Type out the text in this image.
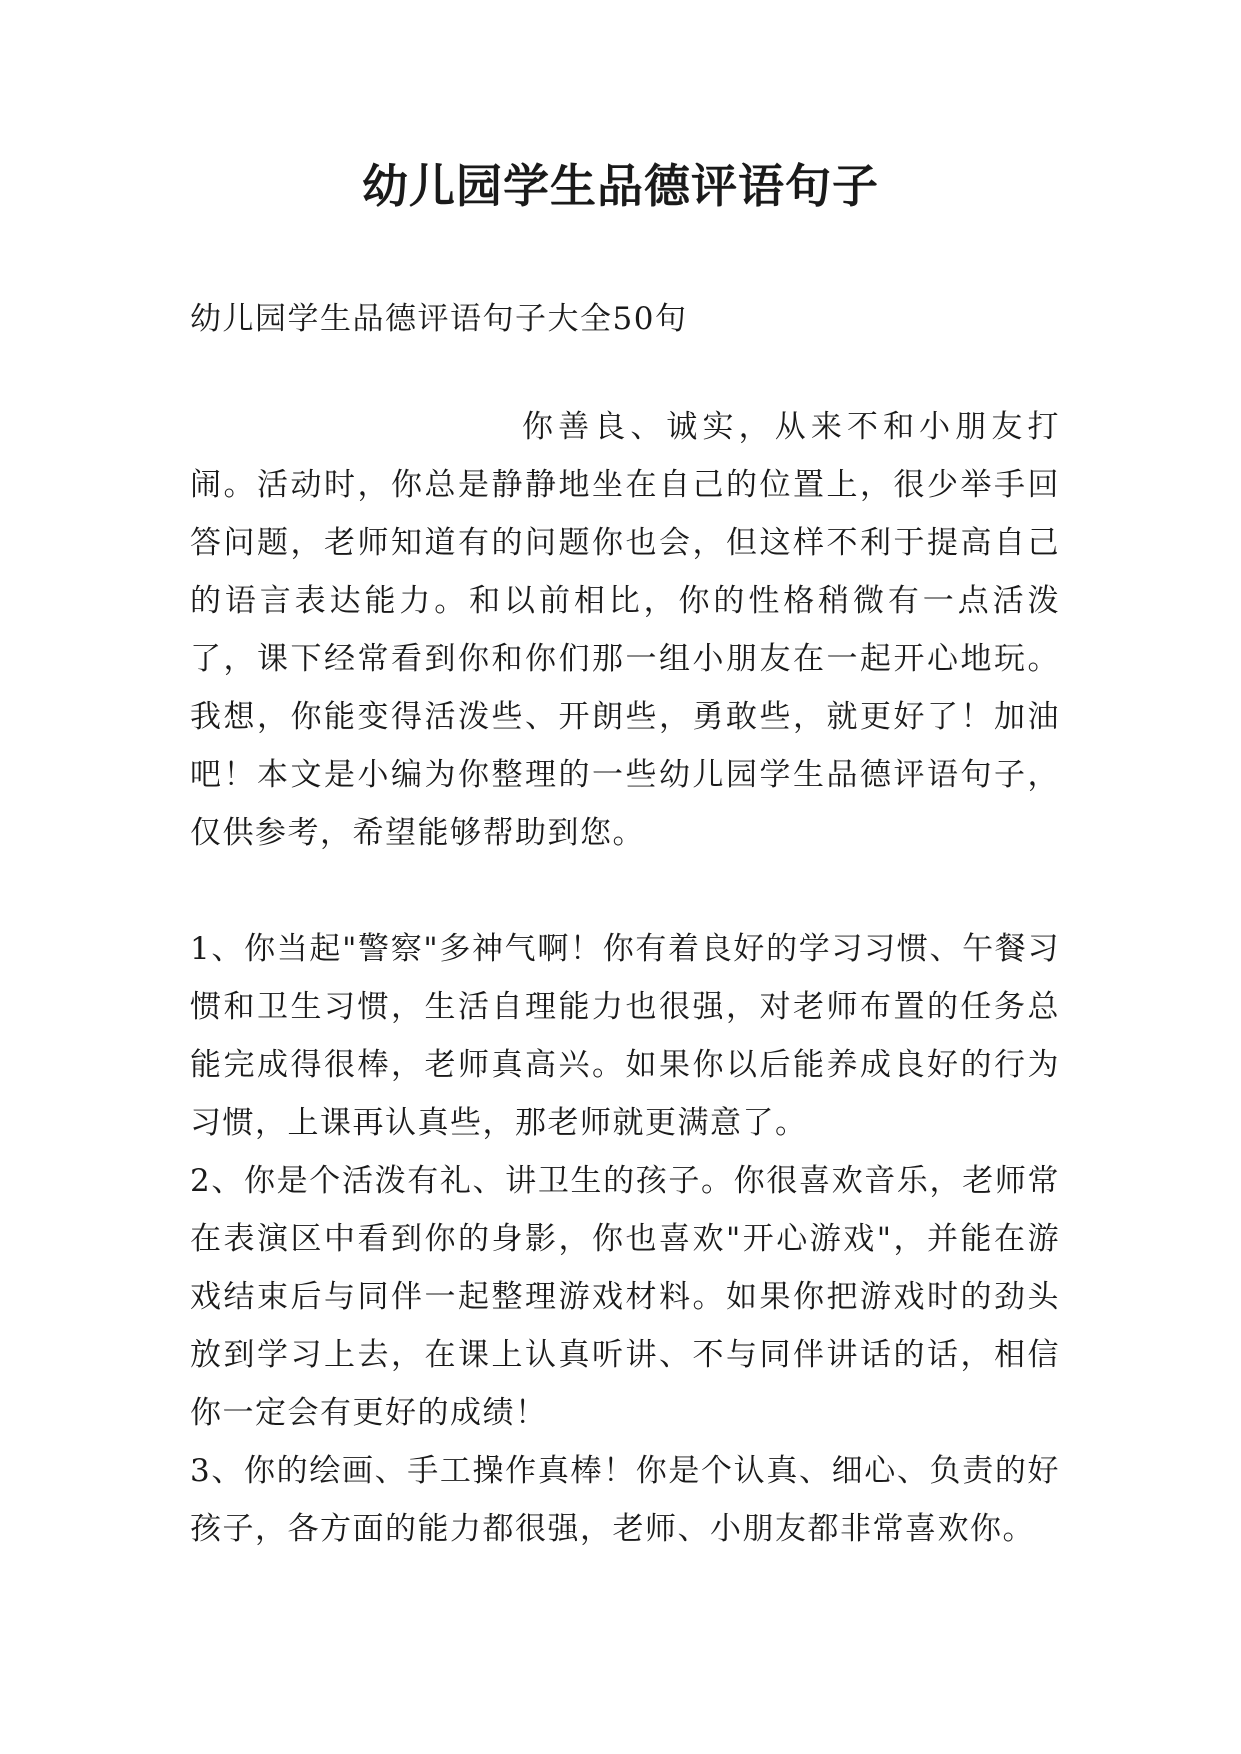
幼儿园学生品德评语句子

幼儿园学生品德评语句子大全50句

你善良、诚实，从来不和小朋友打闹。活动时，你总是静静地坐在自己的位置上，很少举手回答问题，老师知道有的问题你也会，但这样不利于提高自己的语言表达能力。和以前相比，你的性格稍微有一点活泼了，课下经常看到你和你们那一组小朋友在一起开心地玩。我想，你能变得活泼些、开朗些，勇敢些，就更好了！加油吧！本文是小编为你整理的一些幼儿园学生品德评语句子，仅供参考，希望能够帮助到您。

1、你当起"警察"多神气啊！你有着良好的学习习惯、午餐习惯和卫生习惯，生活自理能力也很强，对老师布置的任务总能完成得很棒，老师真高兴。如果你以后能养成良好的行为习惯，上课再认真些，那老师就更满意了。

2、你是个活泼有礼、讲卫生的孩子。你很喜欢音乐，老师常在表演区中看到你的身影，你也喜欢"开心游戏"，并能在游戏结束后与同伴一起整理游戏材料。如果你把游戏时的劲头放到学习上去，在课上认真听讲、不与同伴讲话的话，相信你一定会有更好的成绩！

3、你的绘画、手工操作真棒！你是个认真、细心、负责的好孩子，各方面的能力都很强，老师、小朋友都非常喜欢你。
